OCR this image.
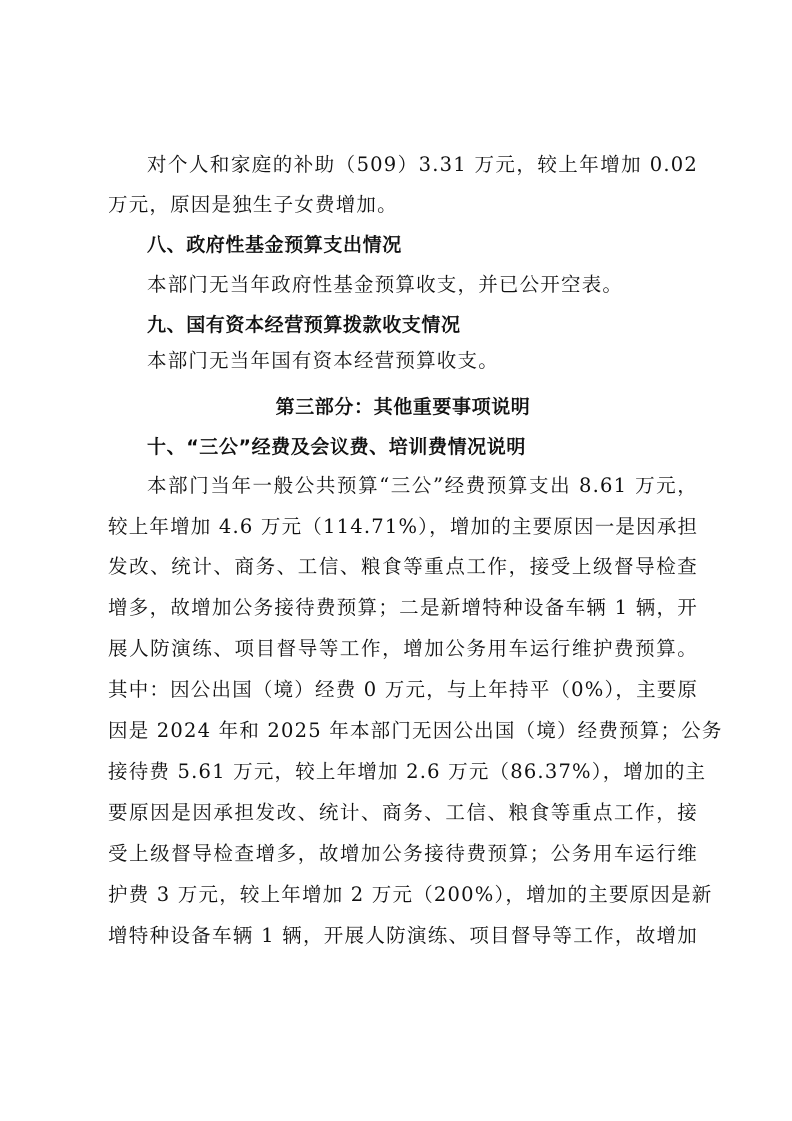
对个人和家庭的补助（509）3.31 万元，较上年增加 0.02
万元，原因是独生子女费增加。
八、政府性基金预算支出情况
本部门无当年政府性基金预算收支，并已公开空表。
九、国有资本经营预算拨款收支情况
本部门无当年国有资本经营预算收支。
第三部分：其他重要事项说明
十、“三公”经费及会议费、培训费情况说明
本部门当年一般公共预算“三公”经费预算支出 8.61 万元，
较上年增加 4.6 万元（114.71%），增加的主要原因一是因承担
发改、统计、商务、工信、粮食等重点工作，接受上级督导检查
增多，故增加公务接待费预算；二是新增特种设备车辆 1 辆，开
展人防演练、项目督导等工作，增加公务用车运行维护费预算。
其中：因公出国（境）经费 0 万元，与上年持平（0%），主要原
因是 2024 年和 2025 年本部门无因公出国（境）经费预算；公务
接待费 5.61 万元，较上年增加 2.6 万元（86.37%），增加的主
要原因是因承担发改、统计、商务、工信、粮食等重点工作，接
受上级督导检查增多，故增加公务接待费预算；公务用车运行维
护费 3 万元，较上年增加 2 万元（200%），增加的主要原因是新
增特种设备车辆 1 辆，开展人防演练、项目督导等工作，故增加
